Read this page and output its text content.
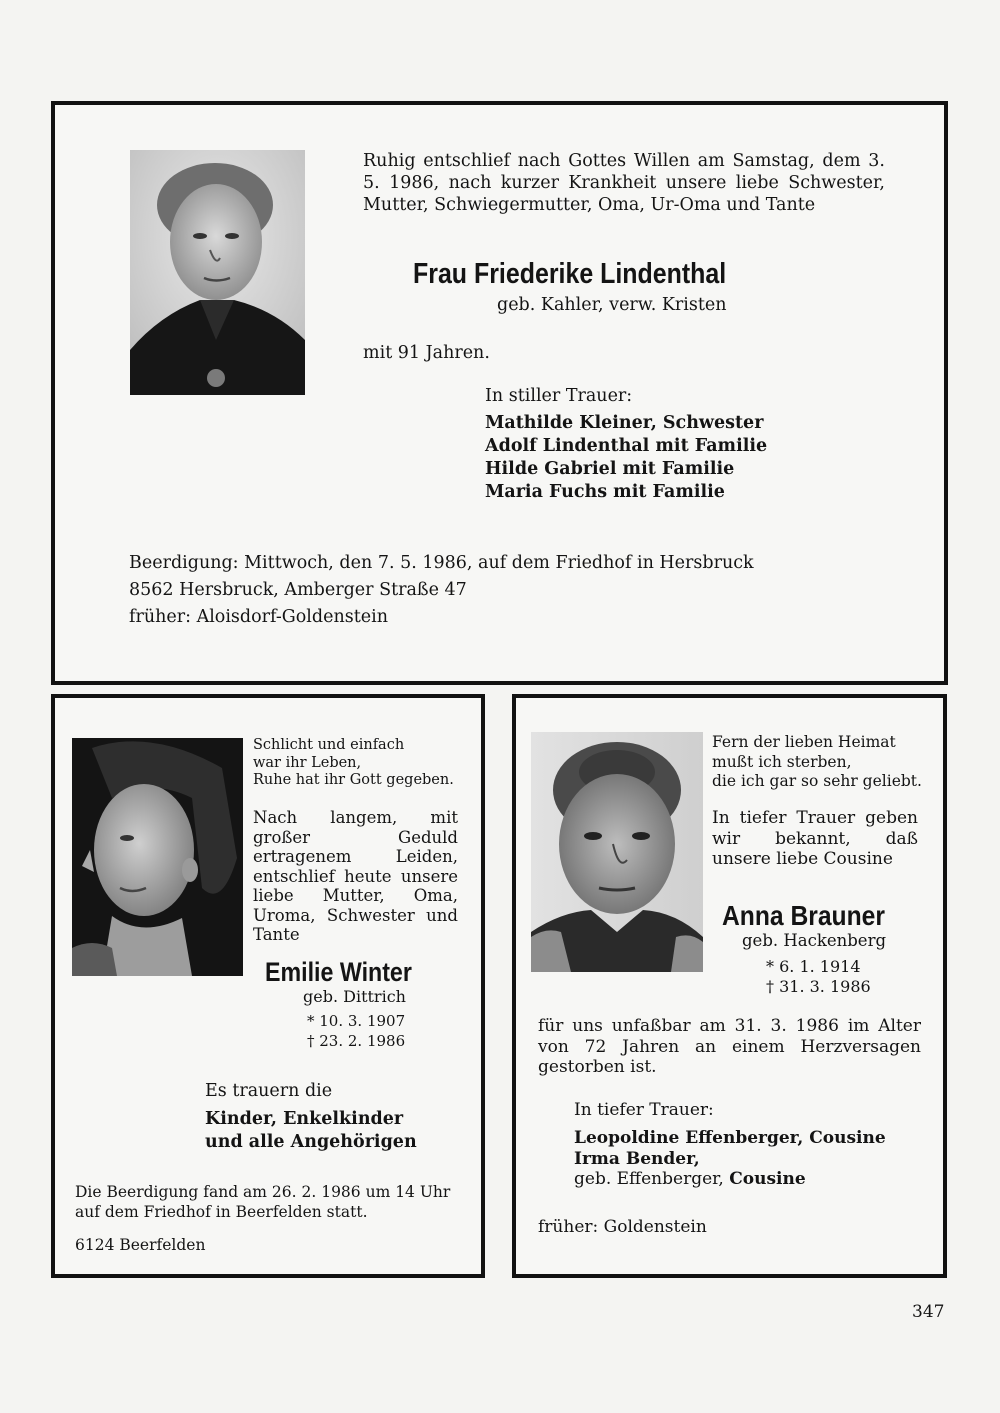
Ruhig entschlief nach Gottes Willen am Samstag, dem 3. 5. 1986, nach kurzer Krankheit unsere liebe Schwester, Mutter, Schwiegermutter, Oma, Ur-Oma und Tante

Frau Friederike Lindenthal
geb. Kahler, verw. Kristen
mit 91 Jahren.
In stiller Trauer:
Mathilde Kleiner, Schwester
Adolf Lindenthal mit Familie
Hilde Gabriel mit Familie
Maria Fuchs mit Familie
Beerdigung: Mittwoch, den 7. 5. 1986, auf dem Friedhof in Hersbruck
8562 Hersbruck, Amberger Straße 47
früher: Aloisdorf-Goldenstein
Schlicht und einfach
war ihr Leben,
Ruhe hat ihr Gott gegeben.

Nach langem, mit großer Geduld ertragenem Leiden, entschlief heute unsere liebe Mutter, Oma, Uroma, Schwester und Tante

Emilie Winter
geb. Dittrich
* 10. 3. 1907
† 23. 2. 1986
Es trauern die
Kinder, Enkelkinder
und alle Angehörigen
Die Beerdigung fand am 26. 2. 1986 um 14 Uhr
auf dem Friedhof in Beerfelden statt.
6124 Beerfelden
Fern der lieben Heimat
mußt ich sterben,
die ich gar so sehr geliebt.

In tiefer Trauer geben wir bekannt, daß unsere liebe Cousine

Anna Brauner
geb. Hackenberg
* 6. 1. 1914
† 31. 3. 1986

für uns unfaßbar am 31. 3. 1986 im Alter von 72 Jahren an einem Herzversagen gestorben ist.

In tiefer Trauer:
Leopoldine Effenberger, Cousine
Irma Bender,
geb. Effenberger, Cousine
früher: Goldenstein
347
